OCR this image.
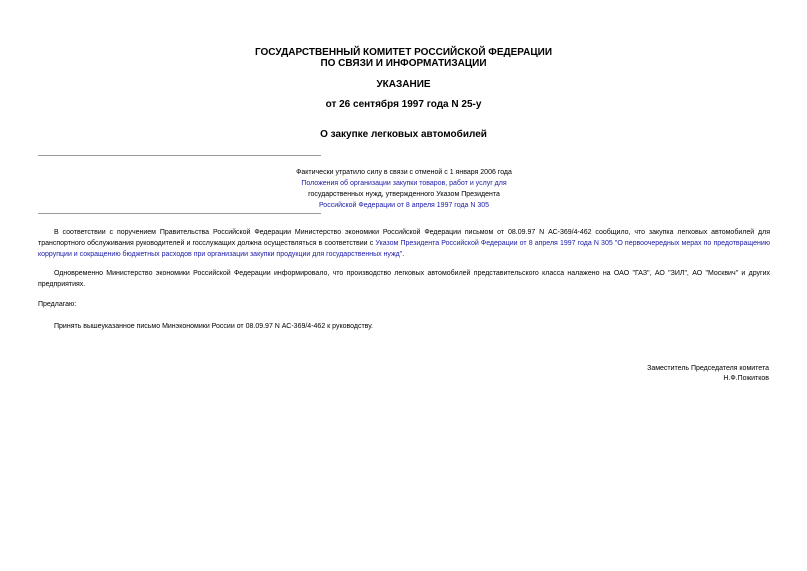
ГОСУДАРСТВЕННЫЙ КОМИТЕТ РОССИЙСКОЙ ФЕДЕРАЦИИ
ПО СВЯЗИ И ИНФОРМАТИЗАЦИИ
УКАЗАНИЕ
от 26 сентября 1997 года N 25-у
О закупке легковых автомобилей
Фактически утратило силу в связи с отменой с 1 января 2006 года
Положения об организации закупки товаров, работ и услуг для
государственных нужд, утвержденного Указом Президента
Российской Федерации от 8 апреля 1997 года N 305
В соответствии с поручением Правительства Российской Федерации Министерство экономики Российской Федерации письмом от 08.09.97 N АС-369/4-462 сообщило, что закупка легковых автомобилей для транспортного обслуживания руководителей и госслужащих должна осуществляться в соответствии с Указом Президента Российской Федерации от 8 апреля 1997 года N 305 "О первоочередных мерах по предотвращению коррупции и сокращению бюджетных расходов при организации закупки продукции для государственных нужд".
Одновременно Министерство экономики Российской Федерации информировало, что производство легковых автомобилей представительского класса налажено на ОАО "ГАЗ", АО "ЗИЛ", АО "Москвич" и других предприятиях.
Предлагаю:
Принять вышеуказанное письмо Минэкономики России от 08.09.97 N АС-369/4-462 к руководству.
Заместитель Председателя комитета
Н.Ф.Пожитков
